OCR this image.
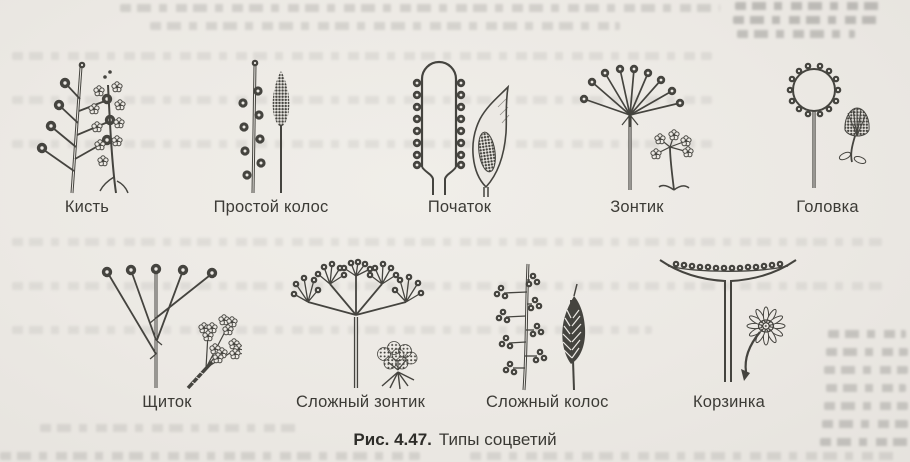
Кисть	Простой колос	Початок	Зонтик	Головка
Щиток	Сложный зонтик	Сложный колос	Корзинка
Рис. 4.47. Типы соцветий
